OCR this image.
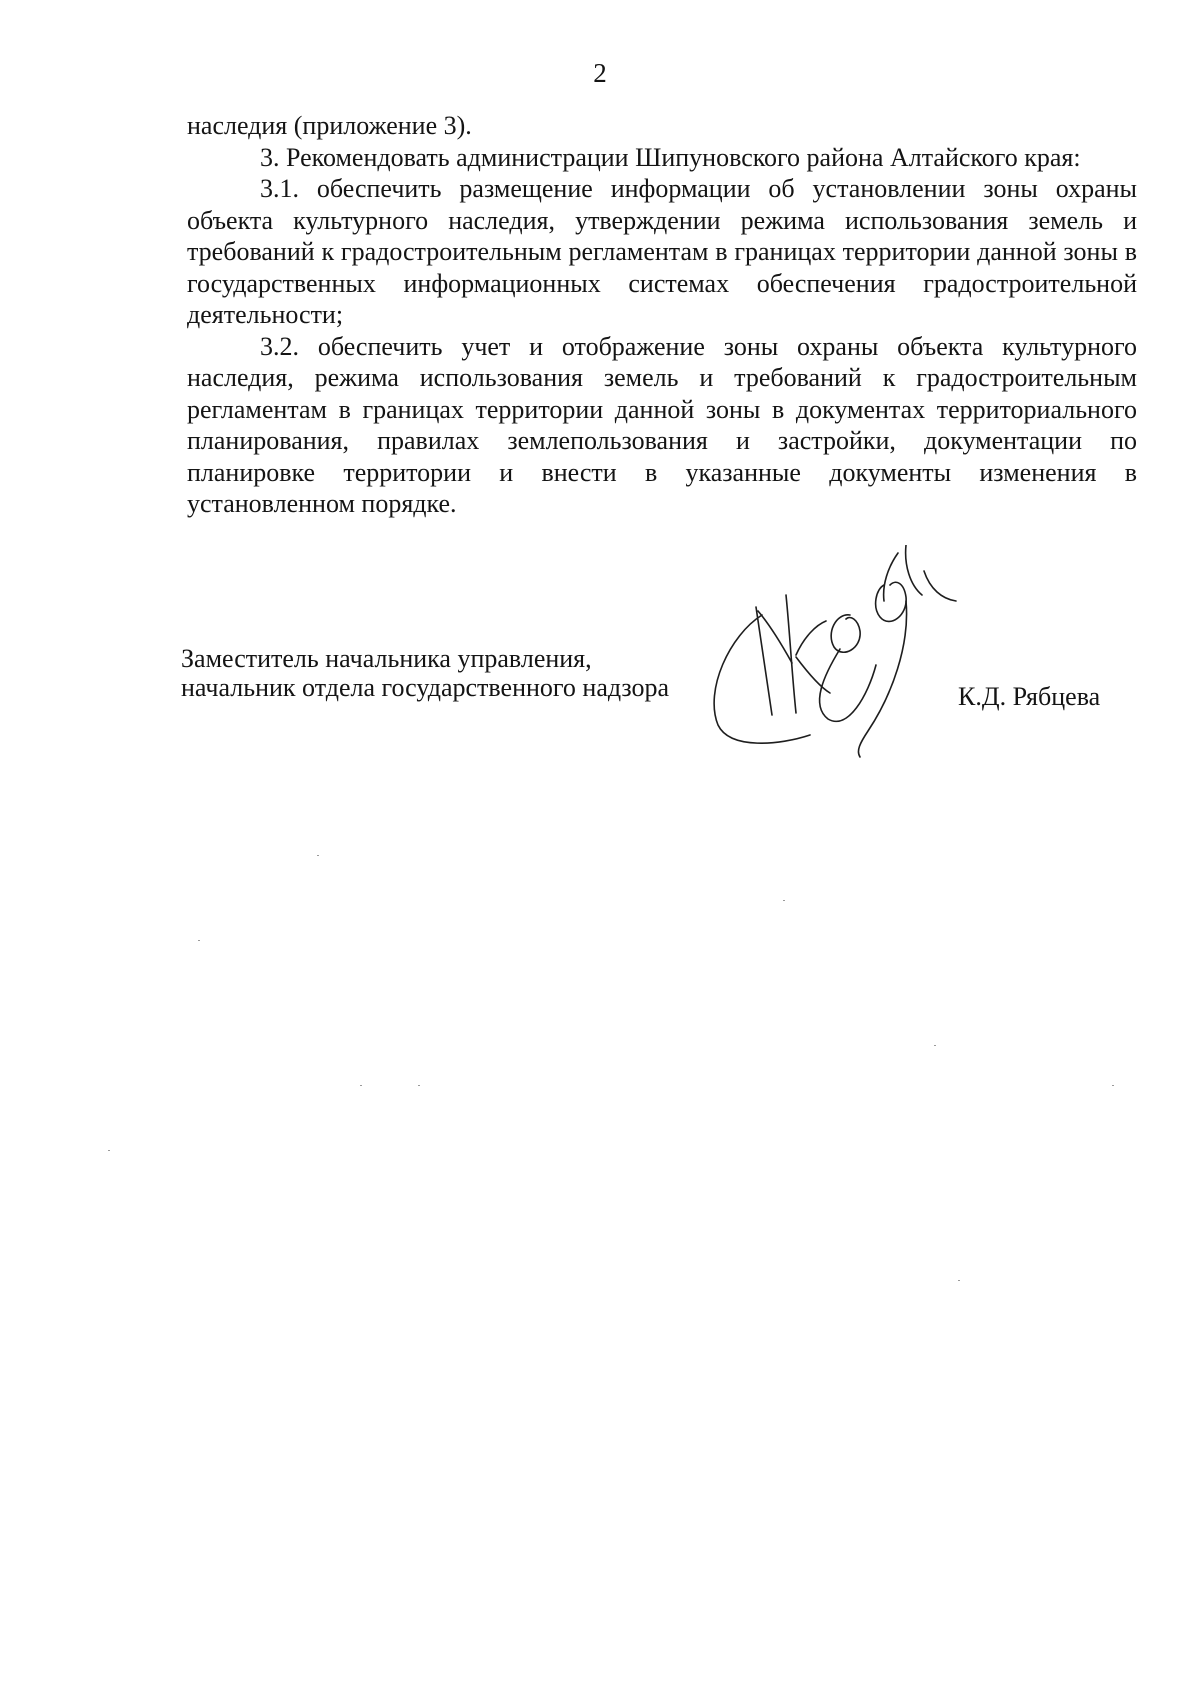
2

наследия (приложение 3).

3. Рекомендовать администрации Шипуновского района Алтайского края:

3.1. обеспечить размещение информации об установлении зоны охраны объекта культурного наследия, утверждении режима использования земель и требований к градостроительным регламентам в границах территории данной зоны в государственных информационных системах обеспечения градостроительной деятельности;

3.2. обеспечить учет и отображение зоны охраны объекта культурного наследия, режима использования земель и требований к градостроительным регламентам в границах территории данной зоны в документах территориального планирования, правилах землепользования и застройки, документации по планировке территории и внести в указанные документы изменения в установленном порядке.

Заместитель начальника управления,
начальник отдела государственного надзора	К.Д. Рябцева
